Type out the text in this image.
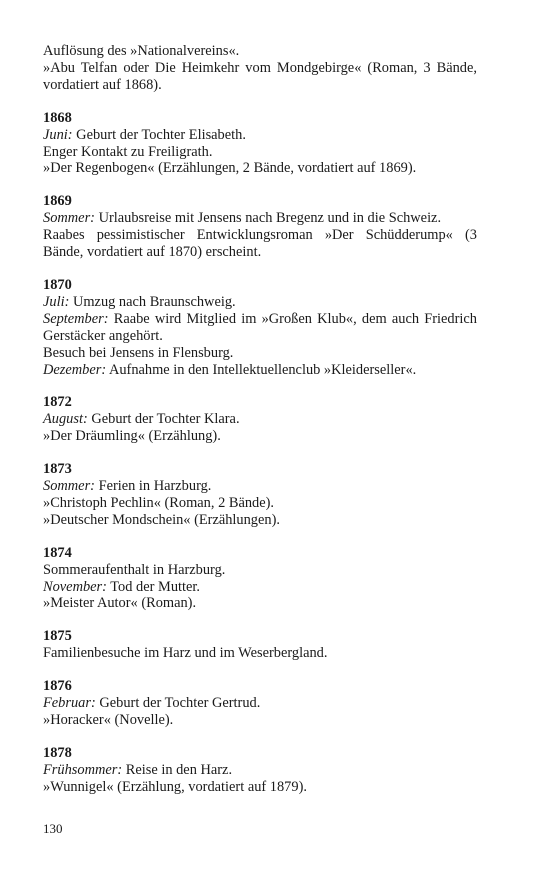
Auflösung des »Nationalvereins«.
»Abu Telfan oder Die Heimkehr vom Mondgebirge« (Roman, 3 Bände, vordatiert auf 1868).
1868
Juni: Geburt der Tochter Elisabeth.
Enger Kontakt zu Freiligrath.
»Der Regenbogen« (Erzählungen, 2 Bände, vordatiert auf 1869).
1869
Sommer: Urlaubsreise mit Jensens nach Bregenz und in die Schweiz.
Raabes pessimistischer Entwicklungsroman »Der Schüdderump« (3 Bände, vordatiert auf 1870) erscheint.
1870
Juli: Umzug nach Braunschweig.
September: Raabe wird Mitglied im »Großen Klub«, dem auch Friedrich Gerstäcker angehört.
Besuch bei Jensens in Flensburg.
Dezember: Aufnahme in den Intellektuellenclub »Kleiderseller«.
1872
August: Geburt der Tochter Klara.
»Der Dräumling« (Erzählung).
1873
Sommer: Ferien in Harzburg.
»Christoph Pechlin« (Roman, 2 Bände).
»Deutscher Mondschein« (Erzählungen).
1874
Sommeraufenthalt in Harzburg.
November: Tod der Mutter.
»Meister Autor« (Roman).
1875
Familienbesuche im Harz und im Weserbergland.
1876
Februar: Geburt der Tochter Gertrud.
»Horacker« (Novelle).
1878
Frühsommer: Reise in den Harz.
»Wunnigel« (Erzählung, vordatiert auf 1879).
130
